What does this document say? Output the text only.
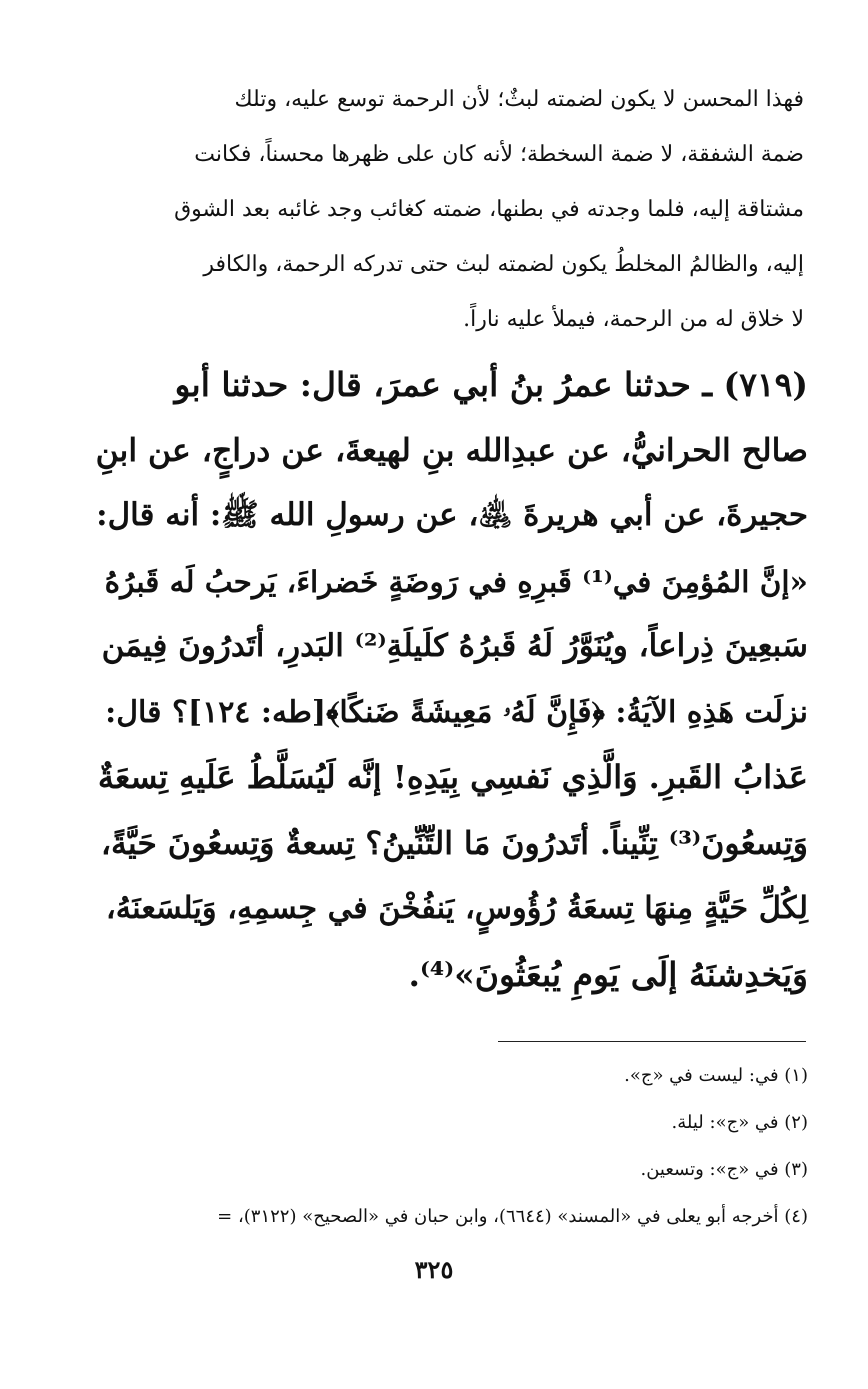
فهذا المحسن لا يكون لضمته لبثٌ؛ لأن الرحمة توسع عليه، وتلك
ضمة الشفقة، لا ضمة السخطة؛ لأنه كان على ظهرها محسناً، فكانت
مشتاقة إليه، فلما وجدته في بطنها، ضمته كغائب وجد غائبه بعد الشوق
إليه، والظالمُ المخلطُ يكون لضمته لبث حتى تدركه الرحمة، والكافر
لا خلاق له من الرحمة، فيملأ عليه ناراً.
(٧١٩) ـ حدثنا عمرُ بنُ أبي عمرَ، قال: حدثنا أبو
صالح الحرانيُّ، عن عبدِالله بنِ لهيعةَ، عن دراجٍ، عن ابنِ
حجيرةَ، عن أبي هريرةَ ﵁، عن رسولِ الله ﷺ: أنه قال:
«إنَّ المُؤمِنَ في⁽¹⁾ قَبرِهِ في رَوضَةٍ خَضراءَ، يَرحبُ لَه قَبرُهُ
سَبعِينَ ذِراعاً، ويُنَوَّرُ لَهُ قَبرُهُ كلَيلَةِ⁽²⁾ البَدرِ، أتَدرُونَ فِيمَن
نزلَت هَذِهِ الآيَةُ: ﴿فَإِنَّ لَهُۥ مَعِيشَةً ضَنكًا﴾[طه: ١٢٤]؟ قال:
عَذابُ القَبرِ. وَالَّذِي نَفسِي بِيَدِهِ! إنَّه لَيُسَلَّطُ عَلَيهِ تِسعَةٌ
وَتِسعُونَ⁽³⁾ تِنِّيناً. أتَدرُونَ مَا التِّنِّينُ؟ تِسعةٌ وَتِسعُونَ حَيَّةً،
لِكُلِّ حَيَّةٍ مِنهَا تِسعَةُ رُؤُوسٍ، يَنفُخْنَ في جِسمِهِ، وَيَلسَعنَهُ،
وَيَخدِشنَهُ إلَى يَومِ يُبعَثُونَ»⁽⁴⁾.
(١) في: ليست في «ج».
(٢) في «ج»: ليلة.
(٣) في «ج»: وتسعين.
(٤) أخرجه أبو يعلى في «المسند» (٦٦٤٤)، وابن حبان في «الصحيح» (٣١٢٢)، =
٣٢٥
